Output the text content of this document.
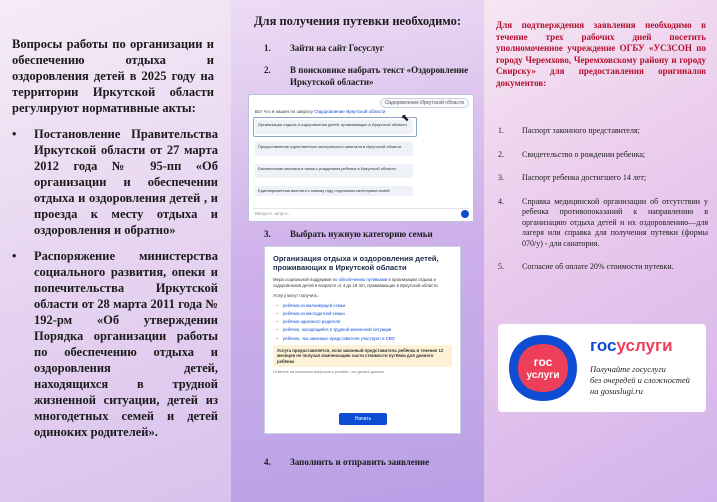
Вопросы работы по организации и обеспечению отдыха и оздоровления детей в 2025 году на территории Иркутской области регулируют нормативные акты:
• Постановление Правительства Иркутской области от 27 марта 2012 года № 95-пп «Об организации и обеспечении отдыха и оздоровления детей , и проезда к месту отдыха и оздоровления и обратно»
• Распоряжение министерства социального развития, опеки и попечительства Иркутской области от 28 марта 2011 года № 192-рм «Об утверждении Порядка организации работы по обеспечению отдыха и оздоровления детей, находящихся в трудной жизненной ситуации, детей из многодетных семей и детей одиноких родителей».
Для получения путевки необходимо:
1.	Зайти на сайт Госуслуг
2.	В поисковике набрать текст «Оздоровление Иркутской области»
Оздоровление Иркутской области
Вот что я нашел по запросу Оздоровление Иркутской области
Организация отдыха и оздоровления детей, проживающих в Иркутской области
⬉
Предоставление единственного материнского капитала в Иркутской области
Ежемесячная выплата в связи с рождением ребенка в Иркутской области
Единовременная выплата к новому году отдельным категориям семей
Введите запрос...
3.	Выбрать нужную категорию семьи
Организация отдыха и оздоровления детей, проживающих в Иркутской области
Мера социальной поддержки по обеспечению путёвками в организации отдыха и оздоровления детей в возрасте от 4 до 18 лет, проживающих в Иркутской области
Услугу могут получить:
– ребёнок из малоимущей семьи
– ребёнок из многодетной семьи
– ребёнок одинокого родителя
– ребёнок, находящийся в трудной жизненной ситуации
– ребёнок, чьи законные представители участвуют в СВО
Услуга предоставляется, если законный представитель ребёнка в течение 12 месяцев не получал компенсацию части стоимости путёвки для данного ребёнка
Ответьте на несколько вопросов и узнайте, что делать дальше
Начать
4.	Заполнить и отправить заявление
Для подтверждения заявления необходимо в течение трех рабочих дней посетить уполномоченное учреждение ОГБУ «УСЗСОН по городу Черемхово, Черемховскому району и городу Свирску» для предоставления оригиналов документов:
1. Паспорт законного представителя;
2. Свидетельство о рождении ребенка;
3. Паспорт ребенка достигшего 14 лет;
4. Справка медицинской организации об отсутствии у ребенка противопоказаний к направлению в организацию отдыха детей и их оздоровлению—для лагеря или справка для получения путевки (формы 070/у) - для санатория.
5. Согласие об оплате 20% стоимости путевки.
гос
услуги
госуслуги
Получайте госуслуги
без очередей и сложностей
на gosuslugi.ru
